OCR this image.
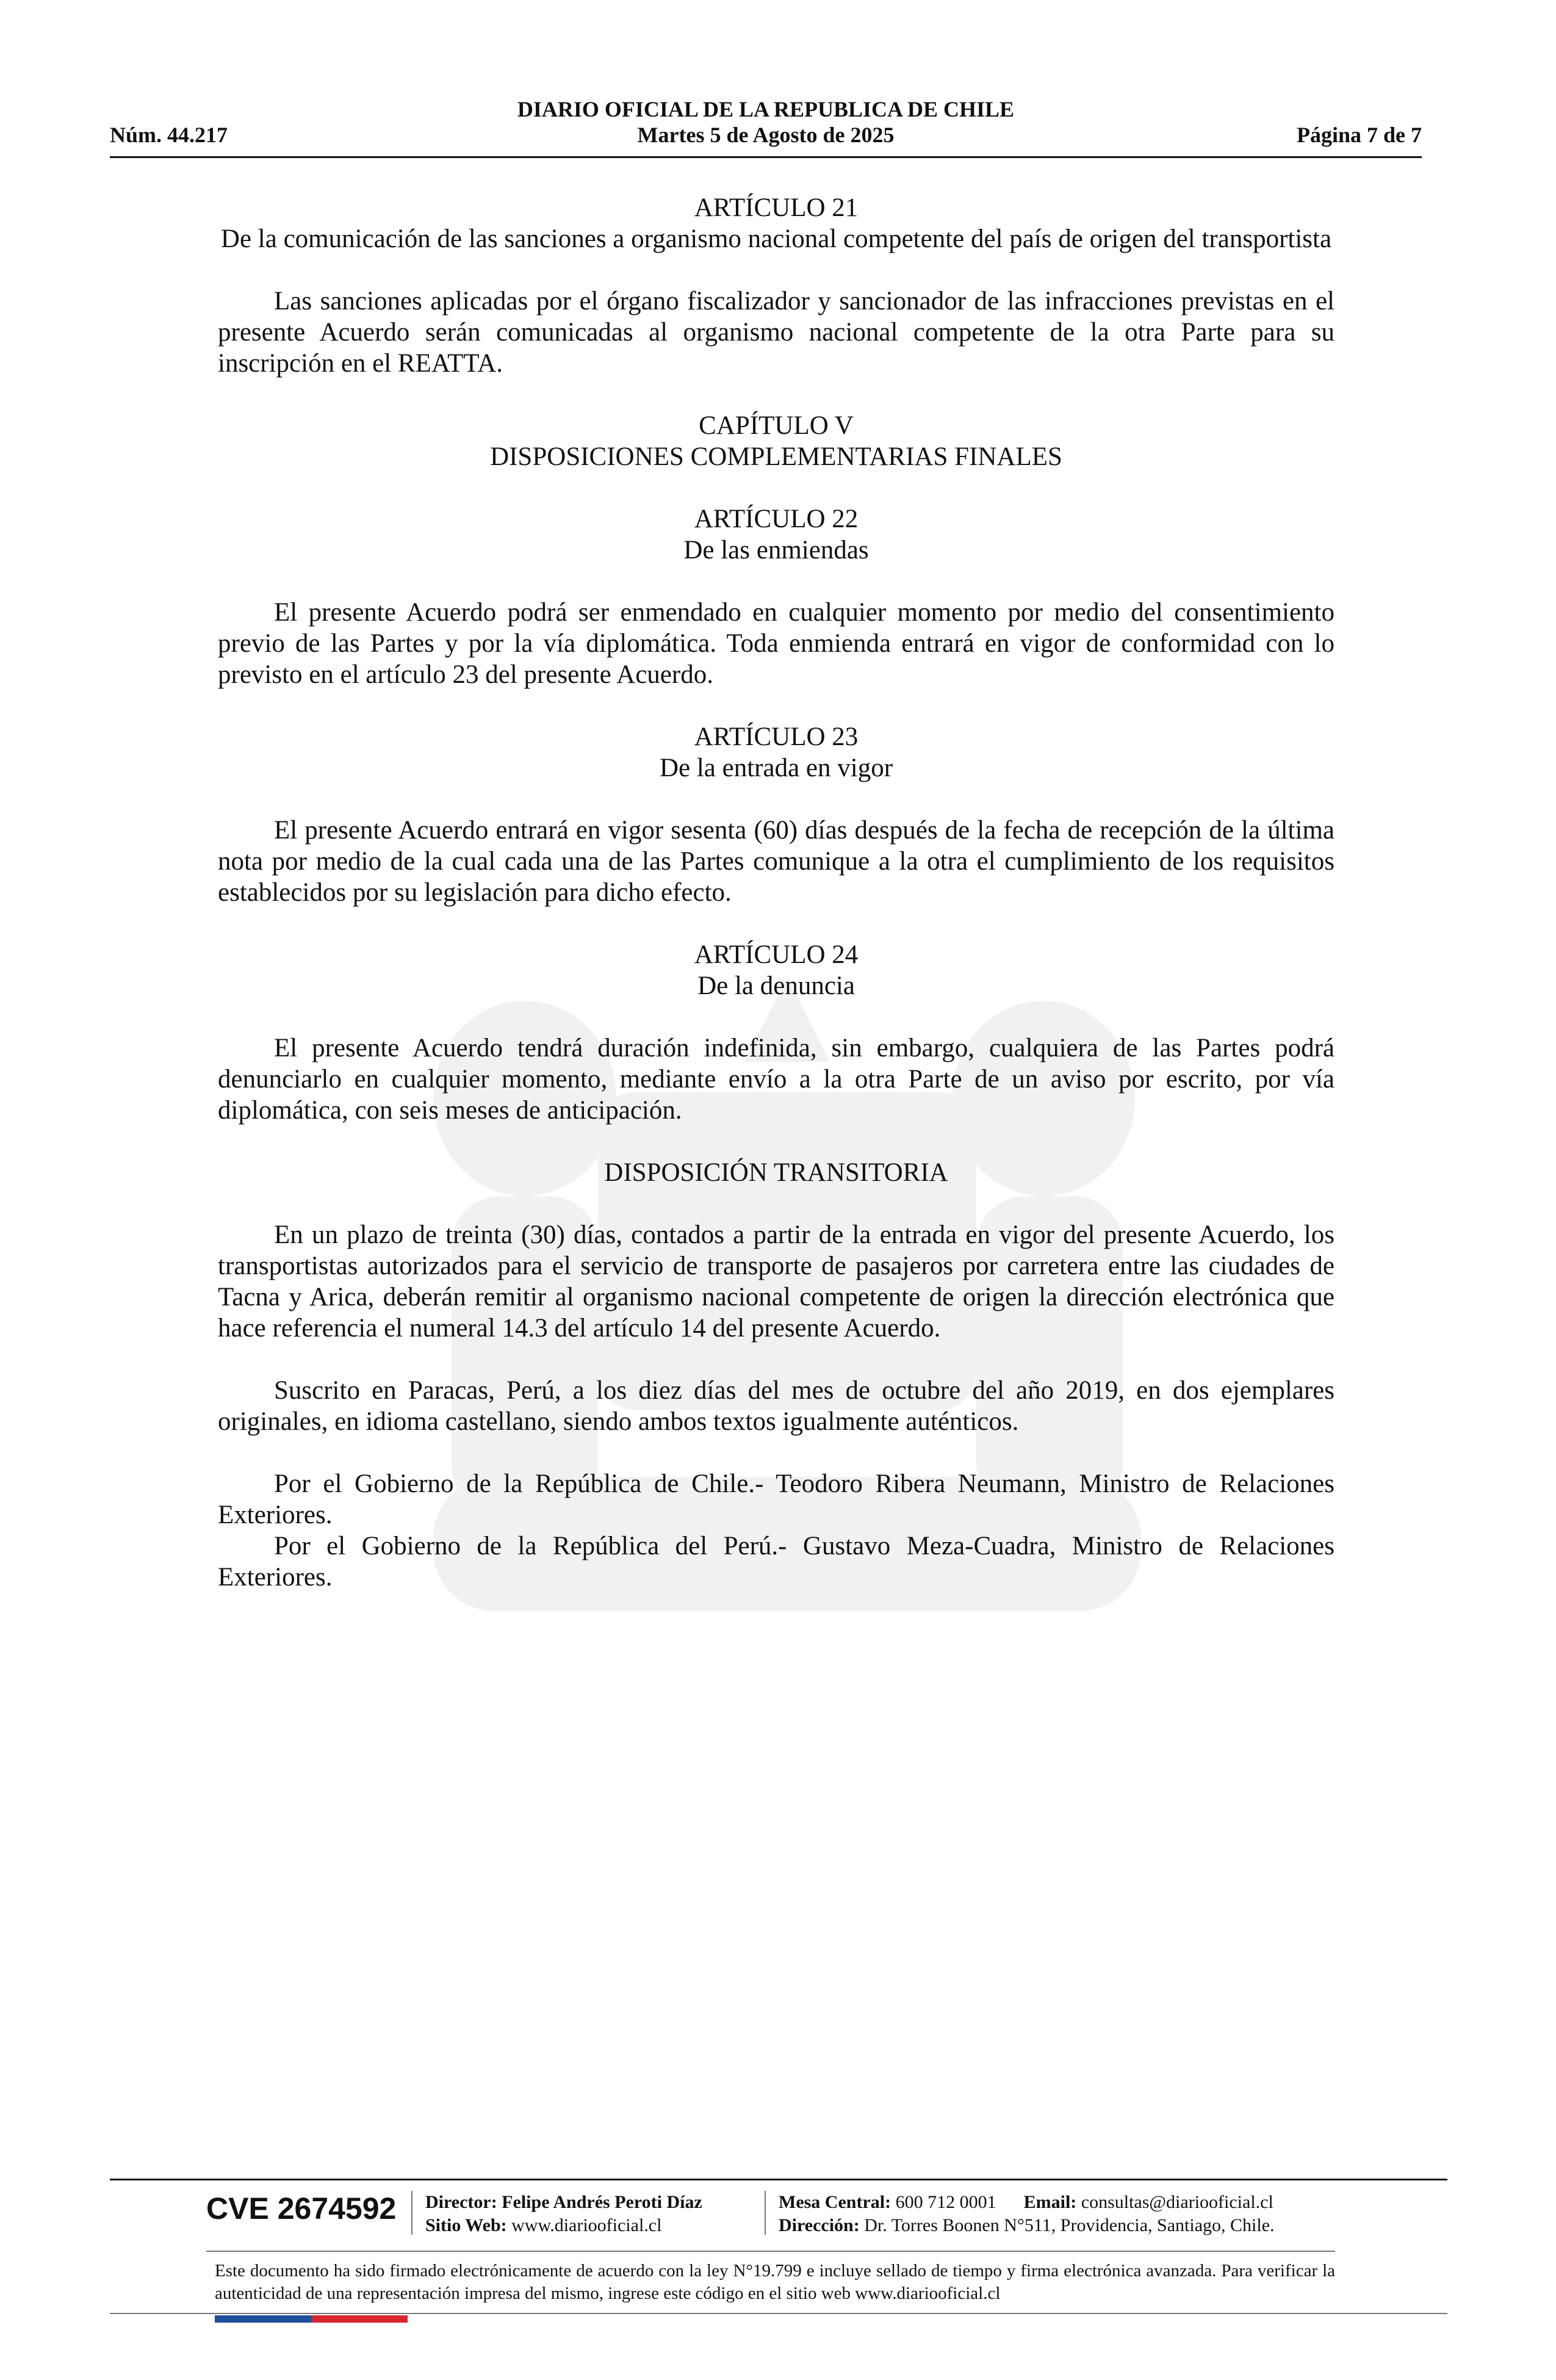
DIARIO OFICIAL DE LA REPUBLICA DE CHILE
Núm. 44.217	Martes 5 de Agosto de 2025	Página 7 de 7
ARTÍCULO 21
De la comunicación de las sanciones a organismo nacional competente del país de origen del transportista

Las sanciones aplicadas por el órgano fiscalizador y sancionador de las infracciones previstas en el presente Acuerdo serán comunicadas al organismo nacional competente de la otra Parte para su inscripción en el REATTA.

CAPÍTULO V
DISPOSICIONES COMPLEMENTARIAS FINALES
ARTÍCULO 22
De las enmiendas

El presente Acuerdo podrá ser enmendado en cualquier momento por medio del consentimiento previo de las Partes y por la vía diplomática. Toda enmienda entrará en vigor de conformidad con lo previsto en el artículo 23 del presente Acuerdo.

ARTÍCULO 23
De la entrada en vigor

El presente Acuerdo entrará en vigor sesenta (60) días después de la fecha de recepción de la última nota por medio de la cual cada una de las Partes comunique a la otra el cumplimiento de los requisitos establecidos por su legislación para dicho efecto.

ARTÍCULO 24
De la denuncia

El presente Acuerdo tendrá duración indefinida, sin embargo, cualquiera de las Partes podrá denunciarlo en cualquier momento, mediante envío a la otra Parte de un aviso por escrito, por vía diplomática, con seis meses de anticipación.

DISPOSICIÓN TRANSITORIA

En un plazo de treinta (30) días, contados a partir de la entrada en vigor del presente Acuerdo, los transportistas autorizados para el servicio de transporte de pasajeros por carretera entre las ciudades de Tacna y Arica, deberán remitir al organismo nacional competente de origen la dirección electrónica que hace referencia el numeral 14.3 del artículo 14 del presente Acuerdo.

Suscrito en Paracas, Perú, a los diez días del mes de octubre del año 2019, en dos ejemplares originales, en idioma castellano, siendo ambos textos igualmente auténticos.

Por el Gobierno de la República de Chile.- Teodoro Ribera Neumann, Ministro de Relaciones Exteriores.

Por el Gobierno de la República del Perú.- Gustavo Meza-Cuadra, Ministro de Relaciones Exteriores.

CVE 2674592 Director: Felipe Andrés Peroti Díaz
Sitio Web: www.diariooficial.cl
Mesa Central: 600 712 0001 Email: consultas@diariooficial.cl
Dirección: Dr. Torres Boonen N°511, Providencia, Santiago, Chile.
Este documento ha sido firmado electrónicamente de acuerdo con la ley N°19.799 e incluye sellado de tiempo y firma electrónica avanzada. Para verificar la autenticidad de una representación impresa del mismo, ingrese este código en el sitio web www.diariooficial.cl
